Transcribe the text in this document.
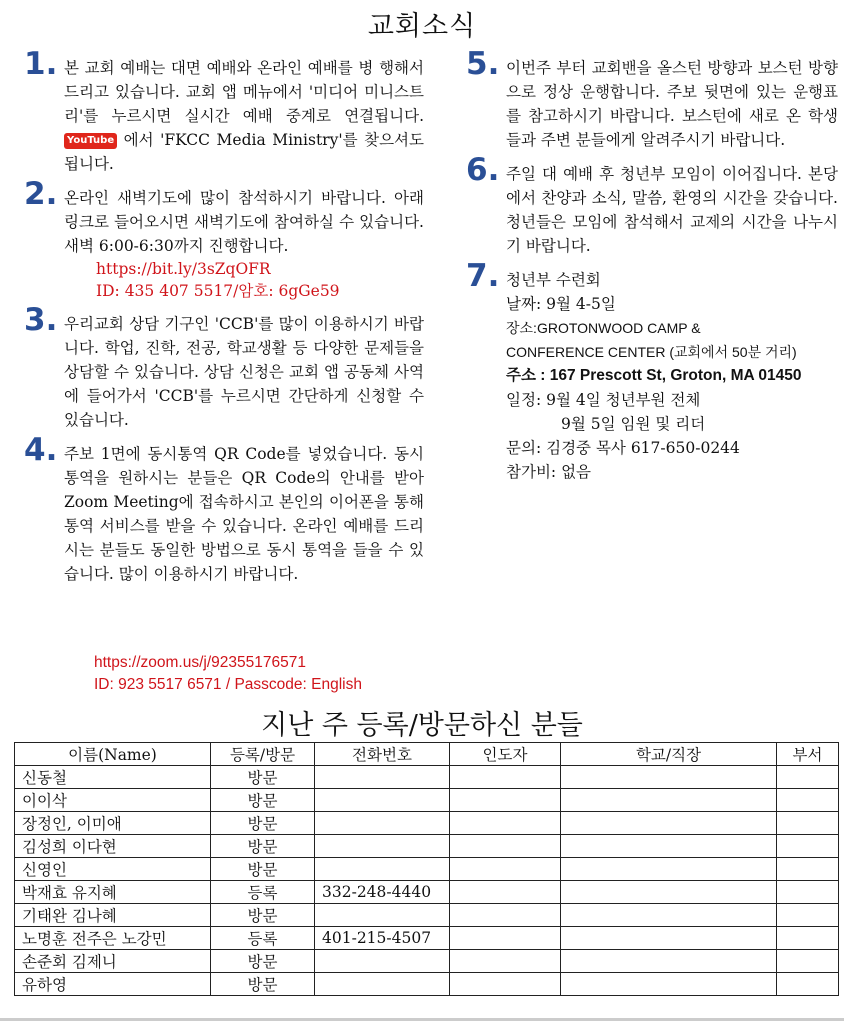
교회소식
1. 본 교회 예배는 대면 예배와 온라인 예배를 병 행해서 드리고 있습니다. 교회 앱 메뉴에서 '미디어 미니스트리'를 누르시면 실시간 예배 중계로 연결됩니다. YouTube 에서 'FKCC Media Ministry'를 찾으셔도 됩니다.
2. 온라인 새벽기도에 많이 참석하시기 바랍니다. 아래 링크로 들어오시면 새벽기도에 참여하실 수 있습니다. 새벽 6:00-6:30까지 진행합니다.
https://bit.ly/3sZqOFR
ID: 435 407 5517/암호: 6gGe59
3. 우리교회 상담 기구인 'CCB'를 많이 이용하시기 바랍니다. 학업, 진학, 전공, 학교생활 등 다양한 문제들을 상담할 수 있습니다. 상담 신청은 교회 앱 공동체 사역에 들어가서 'CCB'를 누르시면 간단하게 신청할 수 있습니다.
4. 주보 1면에 동시통역 QR Code를 넣었습니다. 동시 통역을 원하시는 분들은 QR Code의 안내를 받아 Zoom Meeting에 접속하시고 본인의 이어폰을 통해 통역 서비스를 받을 수 있습니다. 온라인 예배를 드리시는 분들도 동일한 방법으로 동시 통역을 들을 수 있습니다. 많이 이용하시기 바랍니다.
https://zoom.us/j/92355176571
ID: 923 5517 6571 / Passcode: English
5. 이번주 부터 교회밴을 올스턴 방향과 보스턴 방향으로 정상 운행합니다. 주보 뒷면에 있는 운행표를 참고하시기 바랍니다. 보스턴에 새로 온 학생들과 주변 분들에게 알려주시기 바랍니다.
6. 주일 대 예배 후 청년부 모임이 이어집니다. 본당에서 찬양과 소식, 말씀, 환영의 시간을 갖습니다. 청년들은 모임에 참석해서 교제의 시간을 나누시기 바랍니다.
7. 청년부 수련회
날짜: 9월 4-5일
장소:GROTONWOOD CAMP &
CONFERENCE CENTER (교회에서 50분 거리)
주소 : 167 Prescott St, Groton, MA 01450
일정: 9월 4일 청년부원 전체
9월 5일 임원 및 리더
문의: 김경중 목사 617-650-0244
참가비: 없음
지난 주 등록/방문하신 분들
이름(Name)	등록/방문	전화번호	인도자	학교/직장	부서
신동철	방문				
이이삭	방문				
장정인, 이미애	방문				
김성희 이다현	방문				
신영인	방문				
박재효 유지혜	등록	332-248-4440			
기태완 김나혜	방문				
노명훈 전주은 노강민	등록	401-215-4507			
손준회 김제니	방문				
유하영	방문				
